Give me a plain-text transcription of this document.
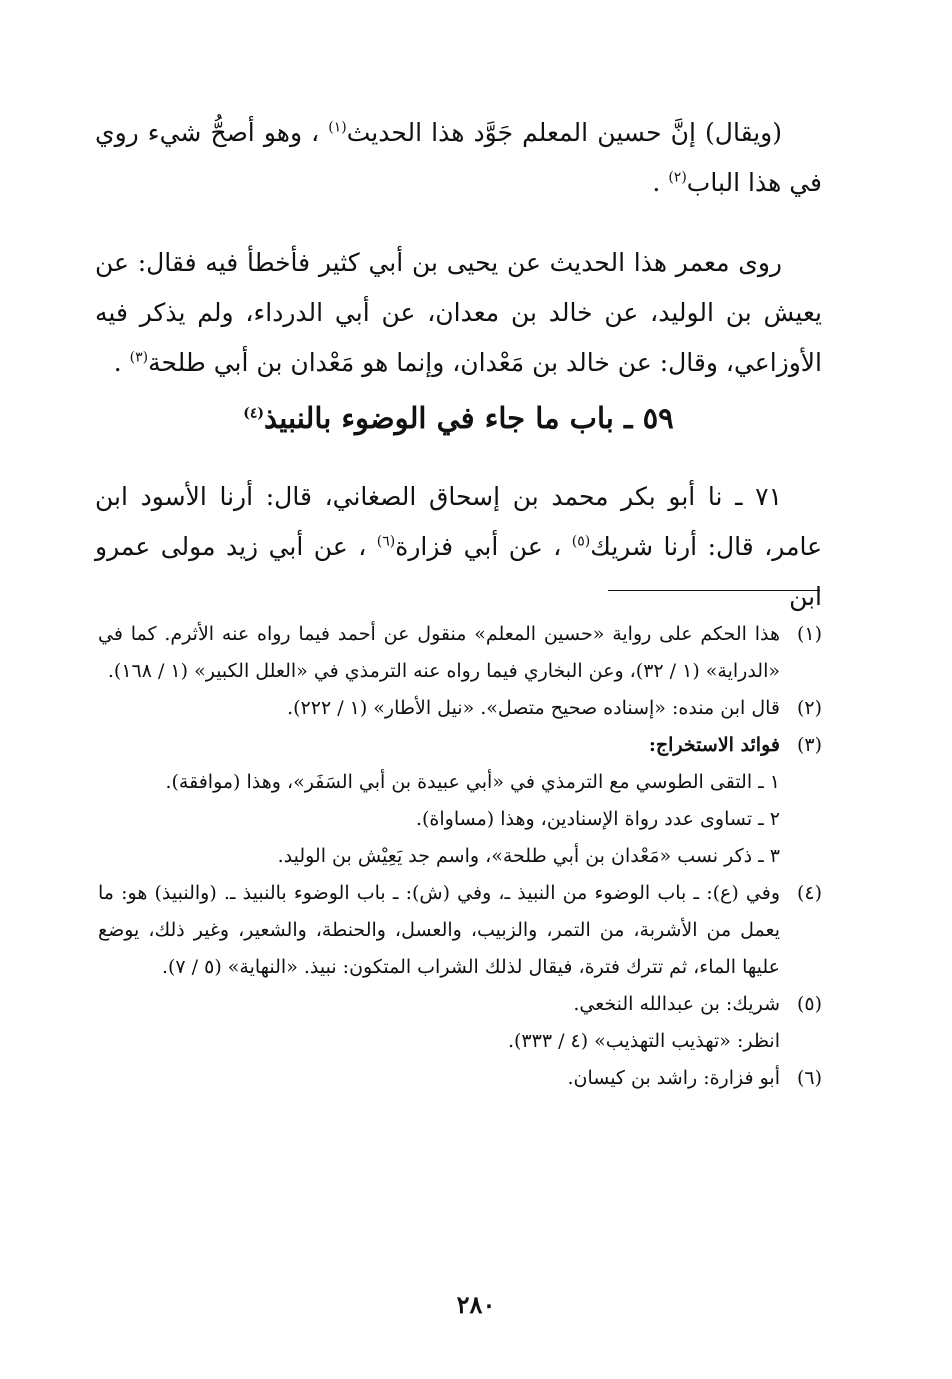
(ويقال) إنَّ حسين المعلم جَوَّد هذا الحديث$^{(١)}$ ، وهو أصحُّ شيء روي في هذا الباب$^{(٢)}$ .

روى معمر هذا الحديث عن يحيى بن أبي كثير فأخطأ فيه فقال: عن يعيش بن الوليد، عن خالد بن معدان، عن أبي الدرداء، ولم يذكر فيه الأوزاعي، وقال: عن خالد بن مَعْدان، وإنما هو مَعْدان بن أبي طلحة$^{(٣)}$ .

٥٩ ـ باب ما جاء في الوضوء بالنبيذ$^{(٤)}$

٧١ ـ نا أبو بكر محمد بن إسحاق الصغاني، قال: أرنا الأسود ابن عامر، قال: أرنا شريك$^{(٥)}$ ، عن أبي فزارة$^{(٦)}$ ، عن أبي زيد مولى عمرو ابن

(١)
هذا الحكم على رواية «حسين المعلم» منقول عن أحمد فيما رواه عنه الأثرم. كما في «الدراية» (١ / ٣٢)، وعن البخاري فيما رواه عنه الترمذي في «العلل الكبير» (١ / ١٦٨).
(٢)
قال ابن منده: «إسناده صحيح متصل». «نيل الأطار» (١ / ٢٢٢).
(٣)
فوائد الاستخراج:
١ ـ التقى الطوسي مع الترمذي في «أبي عبيدة بن أبي السَفَر»، وهذا (موافقة).
٢ ـ تساوى عدد رواة الإسنادين، وهذا (مساواة).
٣ ـ ذكر نسب «مَعْدان بن أبي طلحة»، واسم جد يَعِيْش بن الوليد.
(٤)
وفي (ع): ـ باب الوضوء من النبيذ ـ، وفي (ش): ـ باب الوضوء بالنبيذ ـ. (والنبيذ) هو: ما يعمل من الأشربة، من التمر، والزبيب، والعسل، والحنطة، والشعير، وغير ذلك، يوضع عليها الماء، ثم تترك فترة، فيقال لذلك الشراب المتكون: نبيذ. «النهاية» (٥ / ٧).
(٥)
شريك: بن عبدالله النخعي.
انظر: «تهذيب التهذيب» (٤ / ٣٣٣).
(٦)
أبو فزارة: راشد بن كيسان.
٢٨٠
